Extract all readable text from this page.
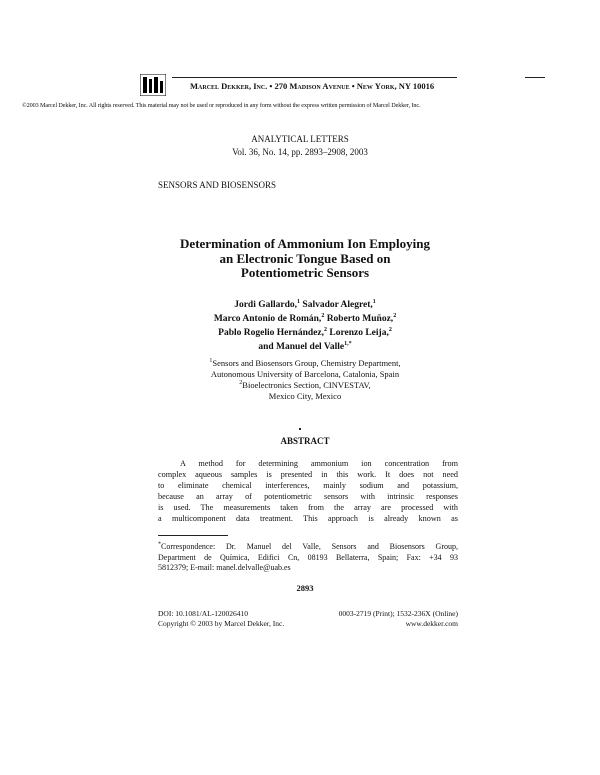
Marcel Dekker, Inc. • 270 Madison Avenue • New York, NY 10016
©2003 Marcel Dekker, Inc. All rights reserved. This material may not be used or reproduced in any form without the express written permission of Marcel Dekker, Inc.
ANALYTICAL LETTERS
Vol. 36, No. 14, pp. 2893–2908, 2003
SENSORS AND BIOSENSORS
Determination of Ammonium Ion Employing
an Electronic Tongue Based on
Potentiometric Sensors
Jordi Gallardo,$^1$ Salvador Alegret,$^1$
Marco Antonio de Román,$^2$ Roberto Muñoz,$^2$
Pablo Rogelio Hernández,$^2$ Lorenzo Leija,$^2$
and Manuel del Valle$^{1,*}$
$^1$Sensors and Biosensors Group, Chemistry Department,
Autonomous University of Barcelona, Catalonia, Spain
$^2$Bioelectronics Section, CINVESTAV,
Mexico City, Mexico
ABSTRACT
A method for determining ammonium ion concentration from
complex aqueous samples is presented in this work. It does not need
to eliminate chemical interferences, mainly sodium and potassium,
because an array of potentiometric sensors with intrinsic responses
is used. The measurements taken from the array are processed with
a multicomponent data treatment. This approach is already known as
*Correspondence: Dr. Manuel del Valle, Sensors and Biosensors Group,
Department de Química, Edifici Cn, 08193 Bellaterra, Spain; Fax: +34 93
5812379; E-mail: manel.delvalle@uab.es
2893
DOI: 10.1081/AL-120026410	0003-2719 (Print); 1532-236X (Online)
Copyright © 2003 by Marcel Dekker, Inc.	www.dekker.com
